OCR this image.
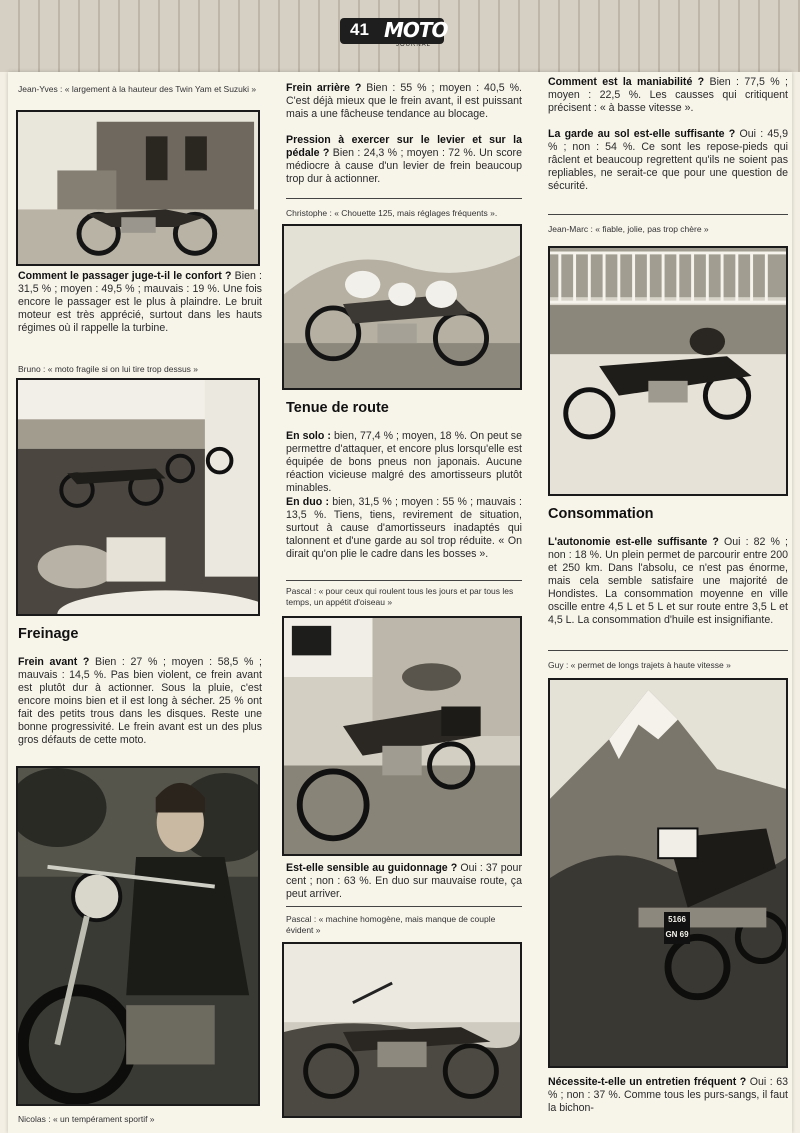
41 MOTO
JOURNAL
Jean-Yves : « largement à la hauteur des Twin Yam et Suzuki »
Comment le passager juge-t-il le confort ? Bien : 31,5 % ; moyen : 49,5 % ; mauvais : 19 %. Une fois encore le passager est le plus à plaindre. Le bruit moteur est très apprécié, surtout dans les hauts régimes où il rappelle la turbine.
Bruno : « moto fragile si on lui tire trop dessus »
Freinage
Frein avant ? Bien : 27 % ; moyen : 58,5 % ; mauvais : 14,5 %. Pas bien violent, ce frein avant est plutôt dur à actionner. Sous la pluie, c'est encore moins bien et il est long à sécher. 25 % ont fait des petits trous dans les disques. Reste une bonne progressivité. Le frein avant est un des plus gros défauts de cette moto.
Nicolas : « un tempérament sportif »
Frein arrière ? Bien : 55 % ; moyen : 40,5 %. C'est déjà mieux que le frein avant, il est puissant mais a une fâcheuse tendance au blocage.
Pression à exercer sur le levier et sur la pédale ? Bien : 24,3 % ; moyen : 72 %. Un score médiocre à cause d'un levier de frein beaucoup trop dur à actionner.
Christophe : « Chouette 125, mais réglages fréquents ».
Tenue de route
En solo : bien, 77,4 % ; moyen, 18 %. On peut se permettre d'attaquer, et encore plus lorsqu'elle est équipée de bons pneus non japonais. Aucune réaction vicieuse malgré des amortisseurs plutôt minables.
En duo : bien, 31,5 % ; moyen : 55 % ; mauvais : 13,5 %. Tiens, tiens, revirement de situation, surtout à cause d'amortisseurs inadaptés qui talonnent et d'une garde au sol trop réduite. « On dirait qu'on plie le cadre dans les bosses ».
Pascal : « pour ceux qui roulent tous les jours et par tous les temps, un appétit d'oiseau »
Est-elle sensible au guidonnage ? Oui : 37 pour cent ; non : 63 %. En duo sur mauvaise route, ça peut arriver.
Pascal : « machine homogène, mais manque de couple évident »
Comment est la maniabilité ? Bien : 77,5 % ; moyen : 22,5 %. Les causses qui critiquent précisent : « à basse vitesse ».
La garde au sol est-elle suffisante ? Oui : 45,9 % ; non : 54 %. Ce sont les repose-pieds qui râclent et beaucoup regrettent qu'ils ne soient pas repliables, ne serait-ce que pour une question de sécurité.
Jean-Marc : « fiable, jolie, pas trop chère »
Consommation
L'autonomie est-elle suffisante ? Oui : 82 % ; non : 18 %. Un plein permet de parcourir entre 200 et 250 km. Dans l'absolu, ce n'est pas énorme, mais cela semble satisfaire une majorité de Hondistes. La consommation moyenne en ville oscille entre 4,5 L et 5 L et sur route entre 3,5 L et 4,5 L. La consommation d'huile est insignifiante.
Guy : « permet de longs trajets à haute vitesse »
5166
GN 69
Nécessite-t-elle un entretien fréquent ? Oui : 63 % ; non : 37 %. Comme tous les purs-sangs, il faut la bichon-
